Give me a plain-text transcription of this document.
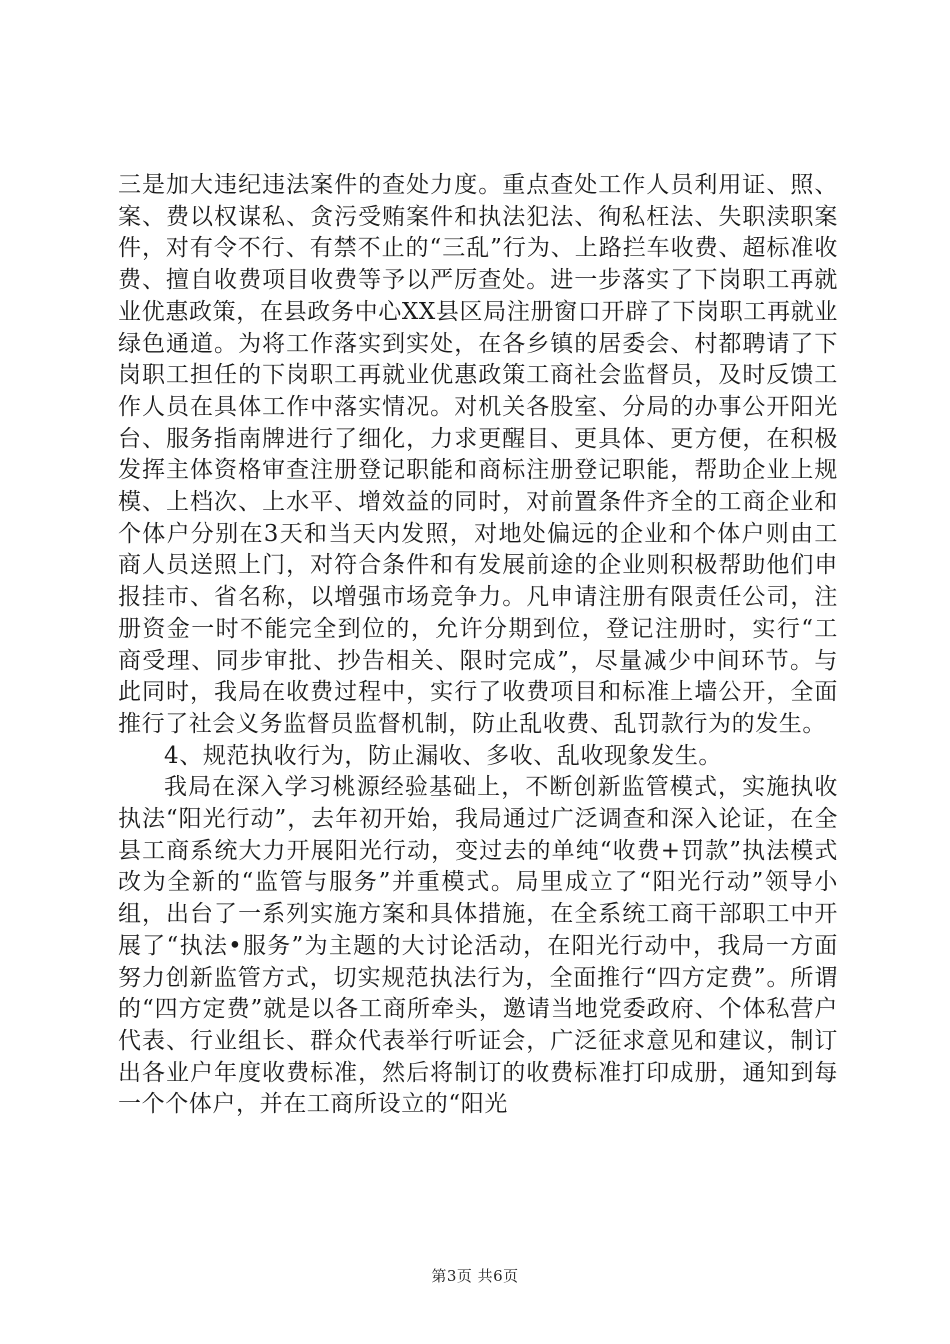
三是加大违纪违法案件的查处力度。重点查处工作人员利用证、照、案、费以权谋私、贪污受贿案件和执法犯法、徇私枉法、失职渎职案件，对有令不行、有禁不止的“三乱”行为、上路拦车收费、超标准收费、擅自收费项目收费等予以严厉查处。进一步落实了下岗职工再就业优惠政策，在县政务中心XX县区局注册窗口开辟了下岗职工再就业绿色通道。为将工作落实到实处，在各乡镇的居委会、村都聘请了下岗职工担任的下岗职工再就业优惠政策工商社会监督员，及时反馈工作人员在具体工作中落实情况。对机关各股室、分局的办事公开阳光台、服务指南牌进行了细化，力求更醒目、更具体、更方便，在积极发挥主体资格审查注册登记职能和商标注册登记职能，帮助企业上规模、上档次、上水平、增效益的同时，对前置条件齐全的工商企业和个体户分别在3天和当天内发照，对地处偏远的企业和个体户则由工商人员送照上门，对符合条件和有发展前途的企业则积极帮助他们申报挂市、省名称，以增强市场竞争力。凡申请注册有限责任公司，注册资金一时不能完全到位的，允许分期到位，登记注册时，实行“工商受理、同步审批、抄告相关、限时完成”，尽量减少中间环节。与此同时，我局在收费过程中，实行了收费项目和标准上墙公开，全面推行了社会义务监督员监督机制，防止乱收费、乱罚款行为的发生。

4、规范执收行为，防止漏收、多收、乱收现象发生。

我局在深入学习桃源经验基础上，不断创新监管模式，实施执收执法“阳光行动”，去年初开始，我局通过广泛调查和深入论证，在全县工商系统大力开展阳光行动，变过去的单纯“收费+罚款”执法模式改为全新的“监管与服务”并重模式。局里成立了“阳光行动”领导小组，出台了一系列实施方案和具体措施，在全系统工商干部职工中开展了“执法•服务”为主题的大讨论活动，在阳光行动中，我局一方面努力创新监管方式，切实规范执法行为，全面推行“四方定费”。所谓的“四方定费”就是以各工商所牵头，邀请当地党委政府、个体私营户代表、行业组长、群众代表举行听证会，广泛征求意见和建议，制订出各业户年度收费标准，然后将制订的收费标准打印成册，通知到每一个个体户，并在工商所设立的“阳光

第3页 共6页
